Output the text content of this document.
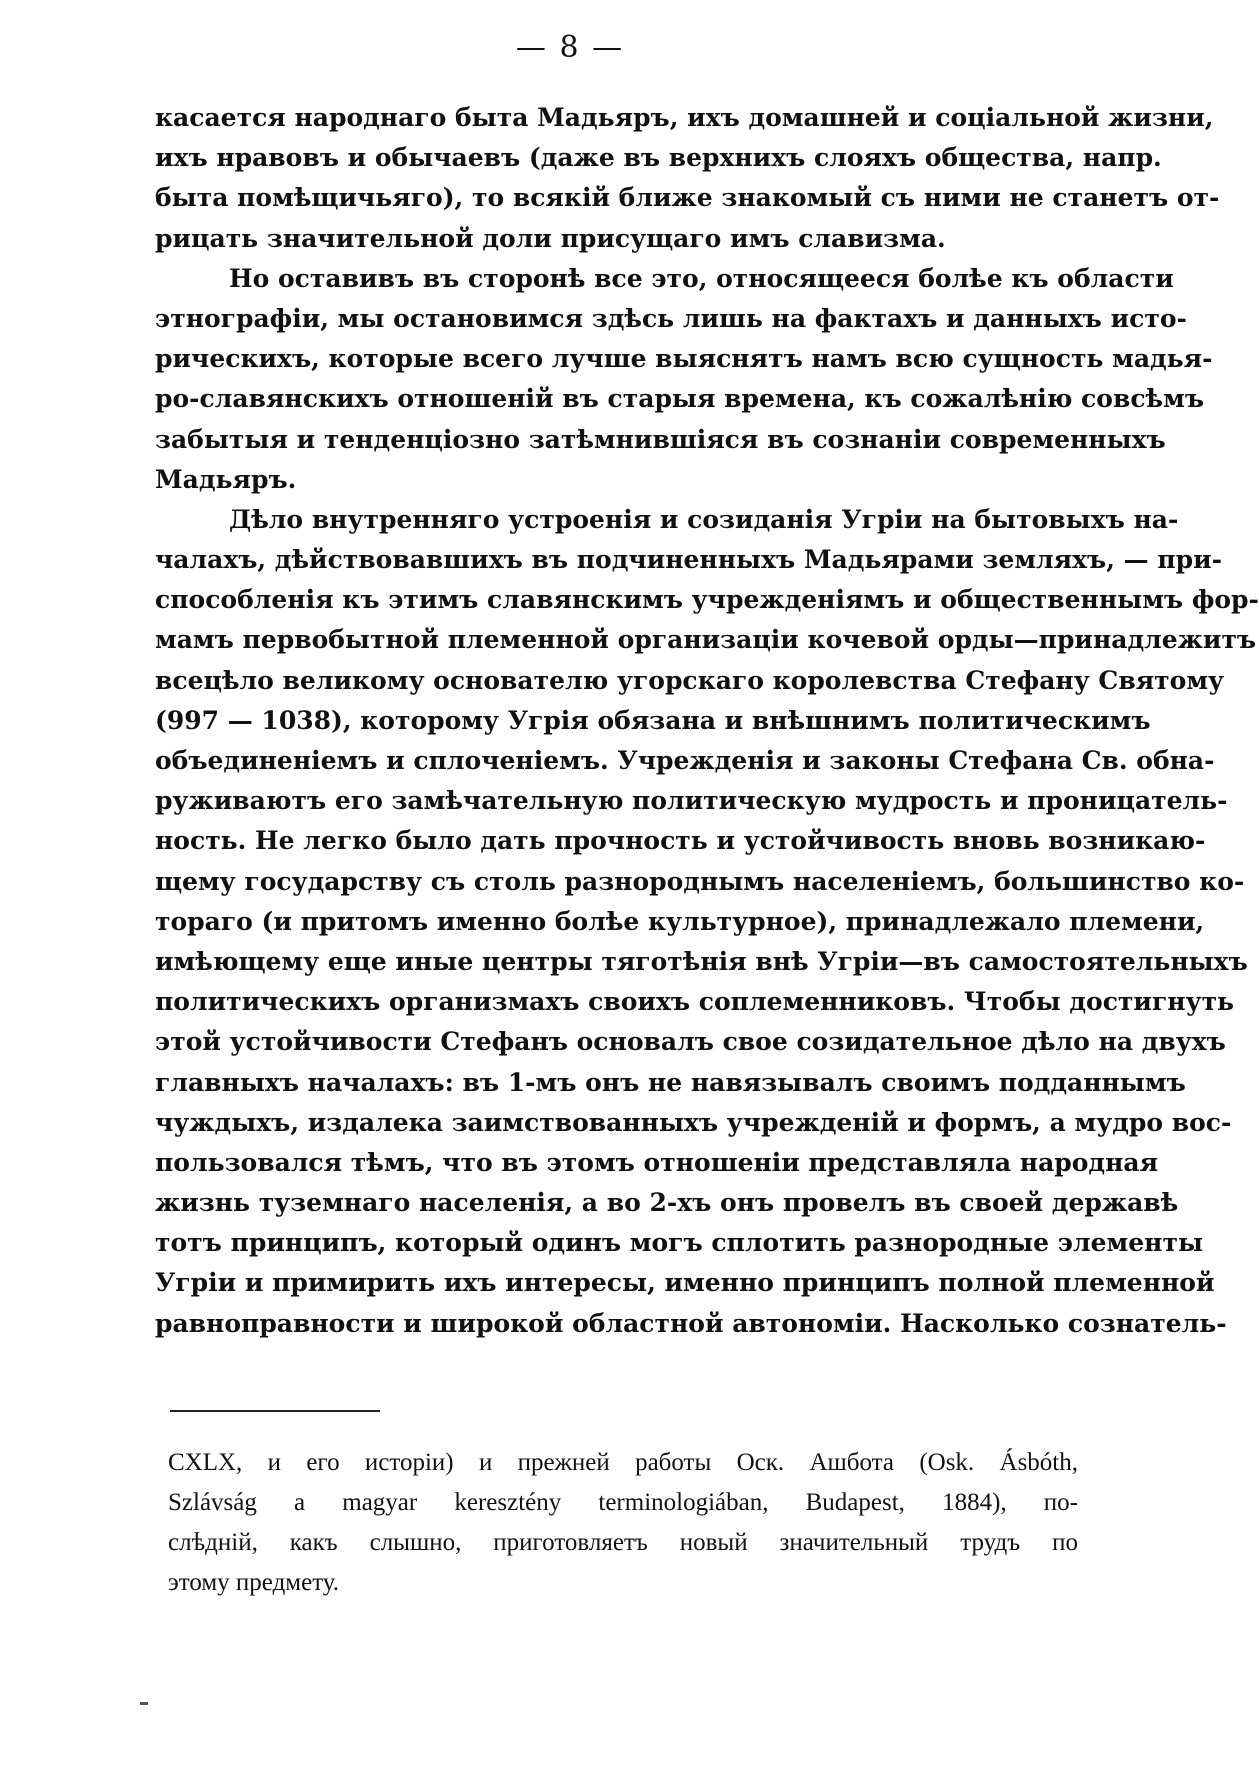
— 8 —
касается народнаго быта Мадьяръ, ихъ домашней и соціальной жизни,
ихъ нравовъ и обычаевъ (даже въ верхнихъ слояхъ общества, напр.
быта помѣщичьяго), то всякій ближе знакомый съ ними не станетъ от-
рицать значительной доли присущаго имъ славизма.
Но оставивъ въ сторонѣ все это, относящееся болѣе къ области
этнографіи, мы остановимся здѣсь лишь на фактахъ и данныхъ исто-
рическихъ, которые всего лучше выяснятъ намъ всю сущность мадья-
ро-славянскихъ отношеній въ старыя времена, къ сожалѣнію совсѣмъ
забытыя и тенденціозно затѣмнившіяся въ сознаніи современныхъ
Мадьяръ.
Дѣло внутренняго устроенія и созиданія Угріи на бытовыхъ на-
чалахъ, дѣйствовавшихъ въ подчиненныхъ Мадьярами земляхъ, — при-
способленія къ этимъ славянскимъ учрежденіямъ и общественнымъ фор-
мамъ первобытной племенной организаціи кочевой орды—принадлежитъ
всецѣло великому основателю угорскаго королевства Стефану Святому
(997 — 1038), которому Угрія обязана и внѣшнимъ политическимъ
объединеніемъ и сплоченіемъ. Учрежденія и законы Стефана Св. обна-
руживаютъ его замѣчательную политическую мудрость и проницатель-
ность. Не легко было дать прочность и устойчивость вновь возникаю-
щему государству съ столь разнороднымъ населеніемъ, большинство ко-
тораго (и притомъ именно болѣе культурное), принадлежало племени,
имѣющему еще иные центры тяготѣнія внѣ Угріи—въ самостоятельныхъ
политическихъ организмахъ своихъ соплеменниковъ. Чтобы достигнуть
этой устойчивости Стефанъ основалъ свое созидательное дѣло на двухъ
главныхъ началахъ: въ 1-мъ онъ не навязывалъ своимъ подданнымъ
чуждыхъ, издалека заимствованныхъ учрежденій и формъ, а мудро вос-
пользовался тѣмъ, что въ этомъ отношеніи представляла народная
жизнь туземнаго населенія, а во 2-хъ онъ провелъ въ своей державѣ
тотъ принципъ, который одинъ могъ сплотить разнородные элементы
Угріи и примирить ихъ интересы, именно принципъ полной племенной
равноправности и широкой областной автономіи. Насколько сознатель-
CXLX, и его исторіи) и прежней работы Оск. Ашбота (Osk. Ásbóth,
Szlávság a magyar keresztény terminologiában, Budapest, 1884), по-
слѣдній, какъ слышно, приготовляетъ новый значительный трудъ по
этому предмету.
